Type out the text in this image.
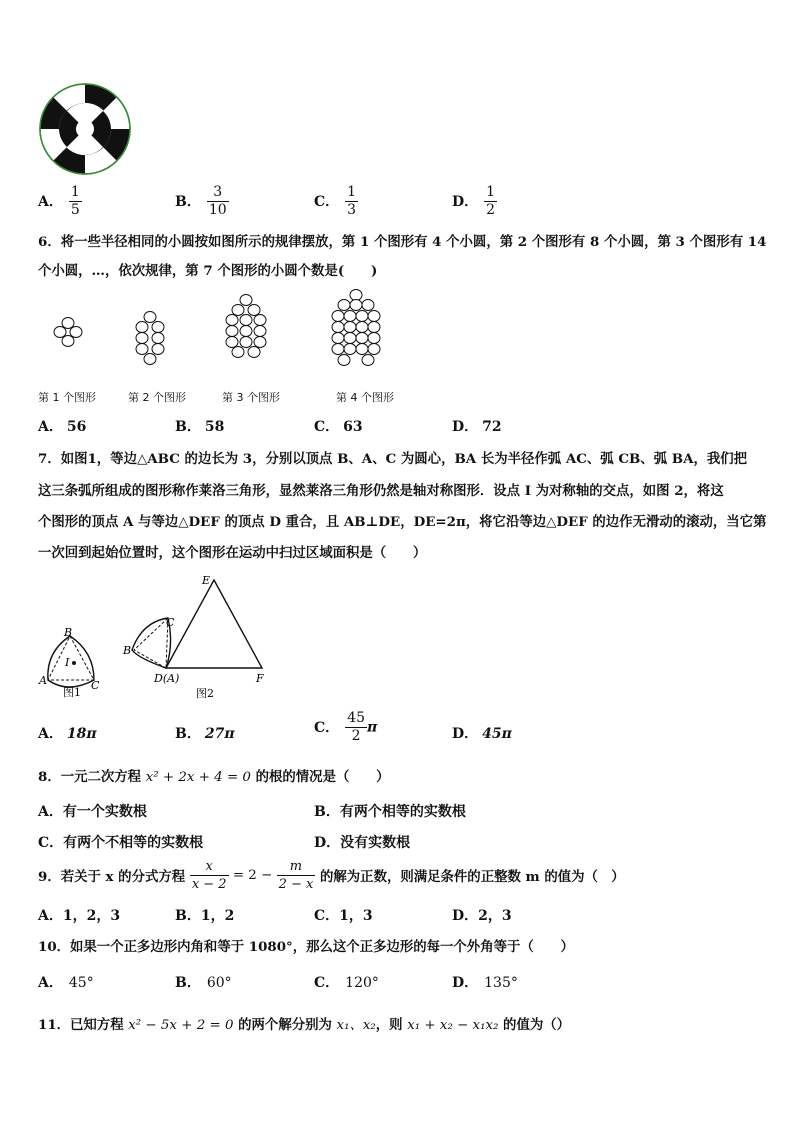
A． $\frac{1}{5}$	B． $\frac{3}{10}$	C． $\frac{1}{3}$	D． $\frac{1}{2}$
6．将一些半径相同的小圆按如图所示的规律摆放，第 1 个图形有 4 个小圆，第 2 个图形有 8 个小圆，第 3 个图形有 14
个小圆，…，依次规律，第 7 个图形的小圆个数是(　　)
第 1 个图形	第 2 个图形	第 3 个图形	第 4 个图形
A． 56	B． 58	C． 63	D． 72
7．如图1，等边△ABC 的边长为 3，分别以顶点 B、A、C 为圆心，BA 长为半径作弧 AC、弧 CB、弧 BA，我们把
这三条弧所组成的图形称作莱洛三角形，显然莱洛三角形仍然是轴对称图形．设点 I 为对称轴的交点，如图 2，将这
个图形的顶点 A 与等边△DEF 的顶点 D 重合，且 AB⊥DE，DE=2π，将它沿等边△DEF 的边作无滑动的滚动，当它第
一次回到起始位置时，这个图形在运动中扫过区域面积是（　　）
B
I
A	C
图1
E
C
B
D(A)	F
图2
A． 18π	B． 27π	C． $\frac{45}{2}$ π	D． 45π
8．一元二次方程 x² + 2x + 4 = 0 的根的情况是（　　）
A．有一个实数根	B．有两个相等的实数根
C．有两个不相等的实数根	D．没有实数根
9．若关于 x 的分式方程 $\frac{x}{x - 2} = 2 - \frac{m}{2 - x}$ 的解为正数，则满足条件的正整数 m 的值为（　）
A．1，2，3	B．1，2	C．1，3	D．2，3
10．如果一个正多边形内角和等于 1080°，那么这个正多边形的每一个外角等于（　　）
A． 45°	B． 60°	C． 120°	D． 135°
11．已知方程 x² − 5x + 2 = 0 的两个解分别为 x₁、x₂，则 x₁ + x₂ − x₁x₂ 的值为（）
